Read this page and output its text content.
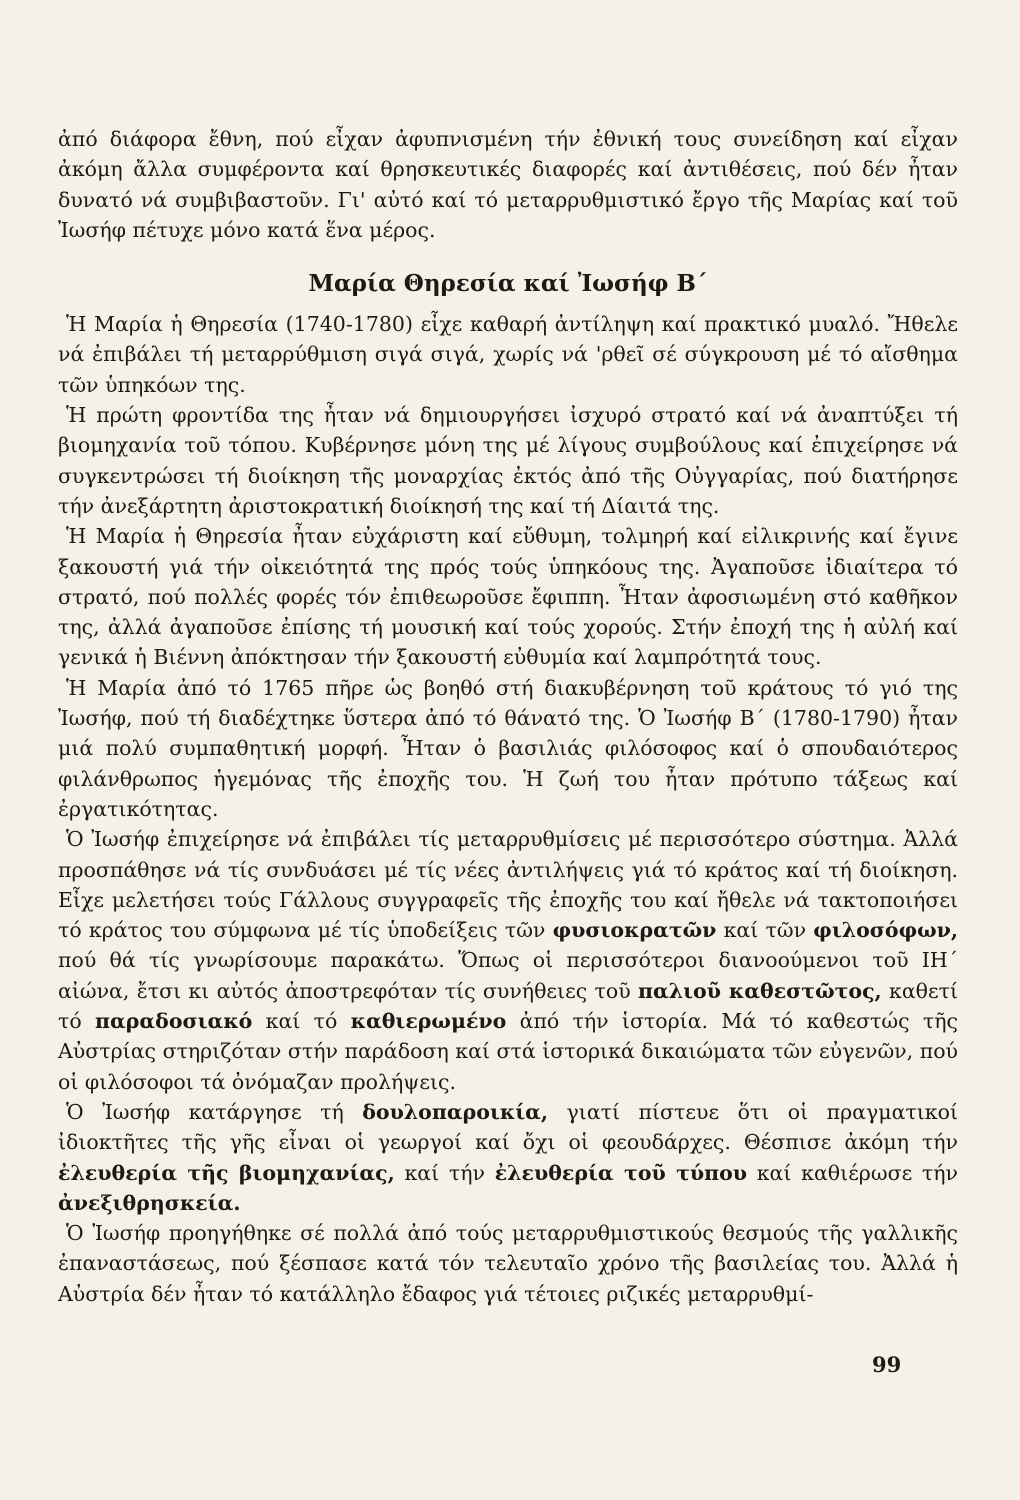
ἀπό διάφορα ἔθνη, πού εἶχαν ἀφυπνισμένη τήν ἐθνική τους συνείδηση καί εἶχαν ἀκόμη ἄλλα συμφέροντα καί θρησκευτικές διαφορές καί ἀντιθέσεις, πού δέν ἦταν δυνατό νά συμβιβαστοῦν. Γι' αὐτό καί τό μεταρρυθμιστικό ἔργο τῆς Μαρίας καί τοῦ Ἰωσήφ πέτυχε μόνο κατά ἕνα μέρος.

Μαρία Θηρεσία καί Ἰωσήφ Β΄

Ἡ Μαρία ἡ Θηρεσία (1740-1780) εἶχε καθαρή ἀντίληψη καί πρακτικό μυαλό. Ἤθελε νά ἐπιβάλει τή μεταρρύθμιση σιγά σιγά, χωρίς νά 'ρθεῖ σέ σύγκρουση μέ τό αἴσθημα τῶν ὑπηκόων της.

Ἡ πρώτη φροντίδα της ἦταν νά δημιουργήσει ἰσχυρό στρατό καί νά ἀναπτύξει τή βιομηχανία τοῦ τόπου. Κυβέρνησε μόνη της μέ λίγους συμβούλους καί ἐπιχείρησε νά συγκεντρώσει τή διοίκηση τῆς μοναρχίας ἐκτός ἀπό τῆς Οὐγγαρίας, πού διατήρησε τήν ἀνεξάρτητη ἀριστοκρατική διοίκησή της καί τή Δίαιτά της.

Ἡ Μαρία ἡ Θηρεσία ἦταν εὐχάριστη καί εὔθυμη, τολμηρή καί εἰλικρινής καί ἔγινε ξακουστή γιά τήν οἰκειότητά της πρός τούς ὑπηκόους της. Ἀγαποῦσε ἰδιαίτερα τό στρατό, πού πολλές φορές τόν ἐπιθεωροῦσε ἔφιππη. Ἦταν ἀφοσιωμένη στό καθῆκον της, ἀλλά ἀγαποῦσε ἐπίσης τή μουσική καί τούς χορούς. Στήν ἐποχή της ἡ αὐλή καί γενικά ἡ Βιέννη ἀπόκτησαν τήν ξακουστή εὐθυμία καί λαμπρότητά τους.

Ἡ Μαρία ἀπό τό 1765 πῆρε ὡς βοηθό στή διακυβέρνηση τοῦ κράτους τό γιό της Ἰωσήφ, πού τή διαδέχτηκε ὕστερα ἀπό τό θάνατό της. Ὁ Ἰωσήφ Β΄ (1780-1790) ἦταν μιά πολύ συμπαθητική μορφή. Ἦταν ὁ βασιλιάς φιλόσοφος καί ὁ σπουδαιότερος φιλάνθρωπος ἡγεμόνας τῆς ἐποχῆς του. Ἡ ζωή του ἦταν πρότυπο τάξεως καί ἐργατικότητας.

Ὁ Ἰωσήφ ἐπιχείρησε νά ἐπιβάλει τίς μεταρρυθμίσεις μέ περισσότερο σύστημα. Ἀλλά προσπάθησε νά τίς συνδυάσει μέ τίς νέες ἀντιλήψεις γιά τό κράτος καί τή διοίκηση. Εἶχε μελετήσει τούς Γάλλους συγγραφεῖς τῆς ἐποχῆς του καί ἤθελε νά τακτοποιήσει τό κράτος του σύμφωνα μέ τίς ὑποδείξεις τῶν φυσιοκρατῶν καί τῶν φιλοσόφων, πού θά τίς γνωρίσουμε παρακάτω. Ὅπως οἱ περισσότεροι διανοούμενοι τοῦ ΙΗ΄ αἰώνα, ἔτσι κι αὐτός ἀποστρεφόταν τίς συνήθειες τοῦ παλιοῦ καθεστῶτος, καθετί τό παραδοσιακό καί τό καθιερωμένο ἀπό τήν ἱστορία. Μά τό καθεστώς τῆς Αὐστρίας στηριζόταν στήν παράδοση καί στά ἱστορικά δικαιώματα τῶν εὐγενῶν, πού οἱ φιλόσοφοι τά ὀνόμαζαν προλήψεις.

Ὁ Ἰωσήφ κατάργησε τή δουλοπαροικία, γιατί πίστευε ὅτι οἱ πραγματικοί ἰδιοκτῆτες τῆς γῆς εἶναι οἱ γεωργοί καί ὄχι οἱ φεουδάρχες. Θέσπισε ἀκόμη τήν ἐλευθερία τῆς βιομηχανίας, καί τήν ἐλευθερία τοῦ τύπου καί καθιέρωσε τήν ἀνεξιθρησκεία.

Ὁ Ἰωσήφ προηγήθηκε σέ πολλά ἀπό τούς μεταρρυθμιστικούς θεσμούς τῆς γαλλικῆς ἐπαναστάσεως, πού ξέσπασε κατά τόν τελευταῖο χρόνο τῆς βασιλείας του. Ἀλλά ἡ Αὐστρία δέν ἦταν τό κατάλληλο ἔδαφος γιά τέτοιες ριζικές μεταρρυθμί-

99
